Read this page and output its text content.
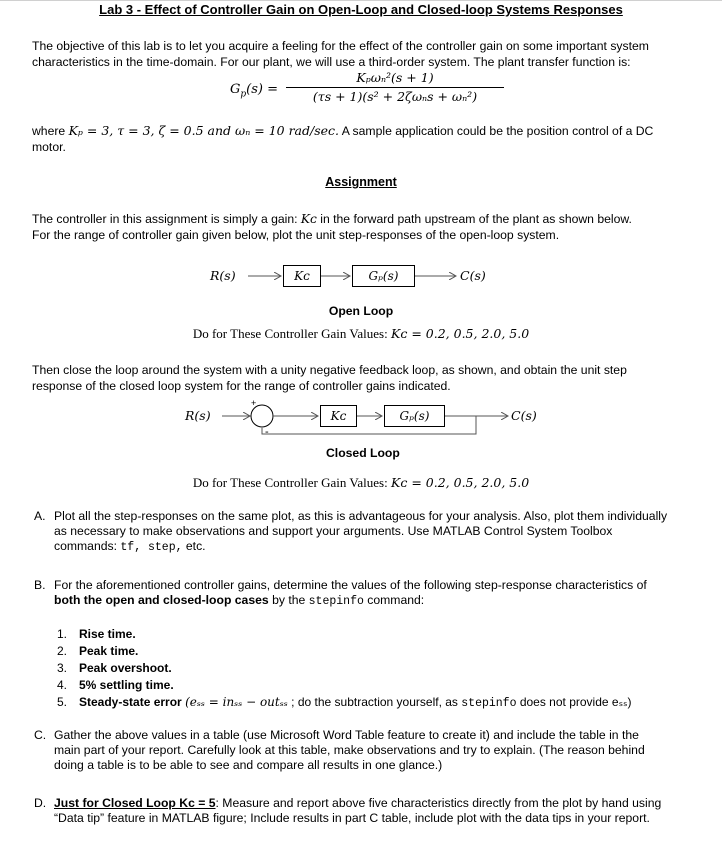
Lab 3 - Effect of Controller Gain on Open-Loop and Closed-loop Systems Responses
The objective of this lab is to let you acquire a feeling for the effect of the controller gain on some important system
characteristics in the time-domain. For our plant, we will use a third-order system. The plant transfer function is:
$G_p(s)$ =
Kₚωₙ²(s + 1)
(τs + 1)(s² + 2ζωₙs + ωₙ²)
where Kₚ = 3, τ = 3, ζ = 0.5 and ωₙ = 10 rad/sec. A sample application could be the position control of a DC
motor.
Assignment
The controller in this assignment is simply a gain: Kᴄ in the forward path upstream of the plant as shown below.
For the range of controller gain given below, plot the unit step-responses of the open-loop system.
R(s)	Kᴄ	Gₚ(s)	C(s)
Open Loop
Do for These Controller Gain Values: Kᴄ = 0.2, 0.5, 2.0, 5.0
Then close the loop around the system with a unity negative feedback loop, as shown, and obtain the unit step
response of the closed loop system for the range of controller gains indicated.
R(s)
+
-
Kᴄ	Gₚ(s)	C(s)
Closed Loop
Do for These Controller Gain Values: Kᴄ = 0.2, 0.5, 2.0, 5.0
A. Plot all the step-responses on the same plot, as this is advantageous for your analysis. Also, plot them individually
as necessary to make observations and support your arguments. Use MATLAB Control System Toolbox
commands: tf, step, etc.
B. For the aforementioned controller gains, determine the values of the following step-response characteristics of
both the open and closed-loop cases by the stepinfo command:
1. Rise time.
2. Peak time.
3. Peak overshoot.
4. 5% settling time.
5. Steady-state error (eₛₛ = inₛₛ − outₛₛ ; do the subtraction yourself, as stepinfo does not provide eₛₛ)
C. Gather the above values in a table (use Microsoft Word Table feature to create it) and include the table in the
main part of your report. Carefully look at this table, make observations and try to explain. (The reason behind
doing a table is to be able to see and compare all results in one glance.)
D. Just for Closed Loop Kᴄ = 5: Measure and report above five characteristics directly from the plot by hand using
“Data tip” feature in MATLAB figure; Include results in part C table, include plot with the data tips in your report.
